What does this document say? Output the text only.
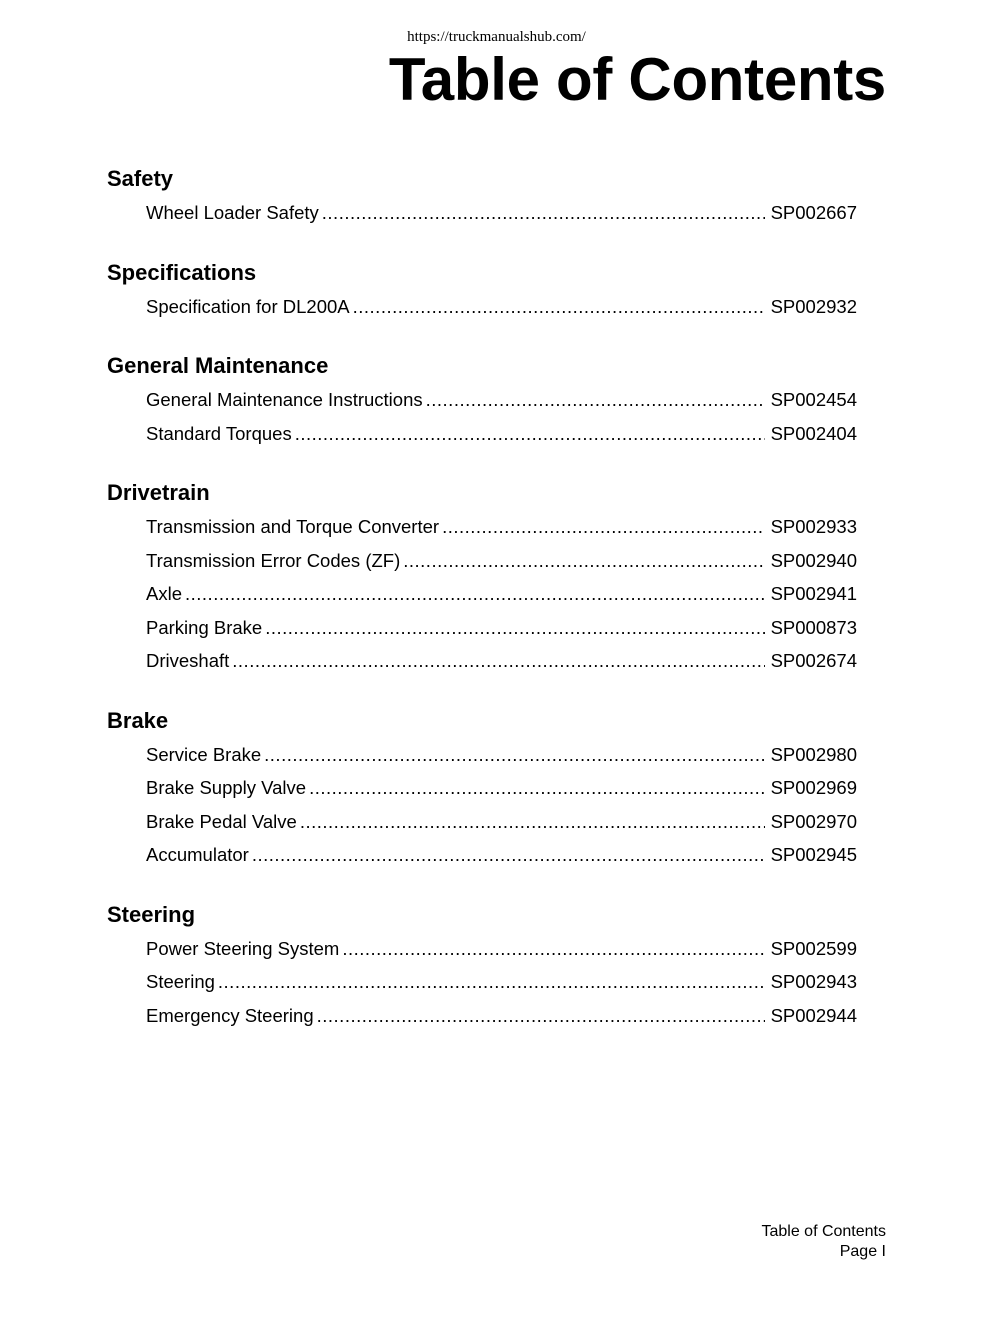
https://truckmanualshub.com/
Table of Contents
Safety
Wheel Loader Safety .....	SP002667
Specifications
Specification for DL200A .....	SP002932
General Maintenance
General Maintenance Instructions .....	SP002454
Standard Torques .....	SP002404
Drivetrain
Transmission and Torque Converter .....	SP002933
Transmission Error Codes (ZF) .....	SP002940
Axle .....	SP002941
Parking Brake .....	SP000873
Driveshaft .....	SP002674
Brake
Service Brake .....	SP002980
Brake Supply Valve .....	SP002969
Brake Pedal Valve .....	SP002970
Accumulator .....	SP002945
Steering
Power Steering System .....	SP002599
Steering .....	SP002943
Emergency Steering .....	SP002944
Table of Contents
Page I
